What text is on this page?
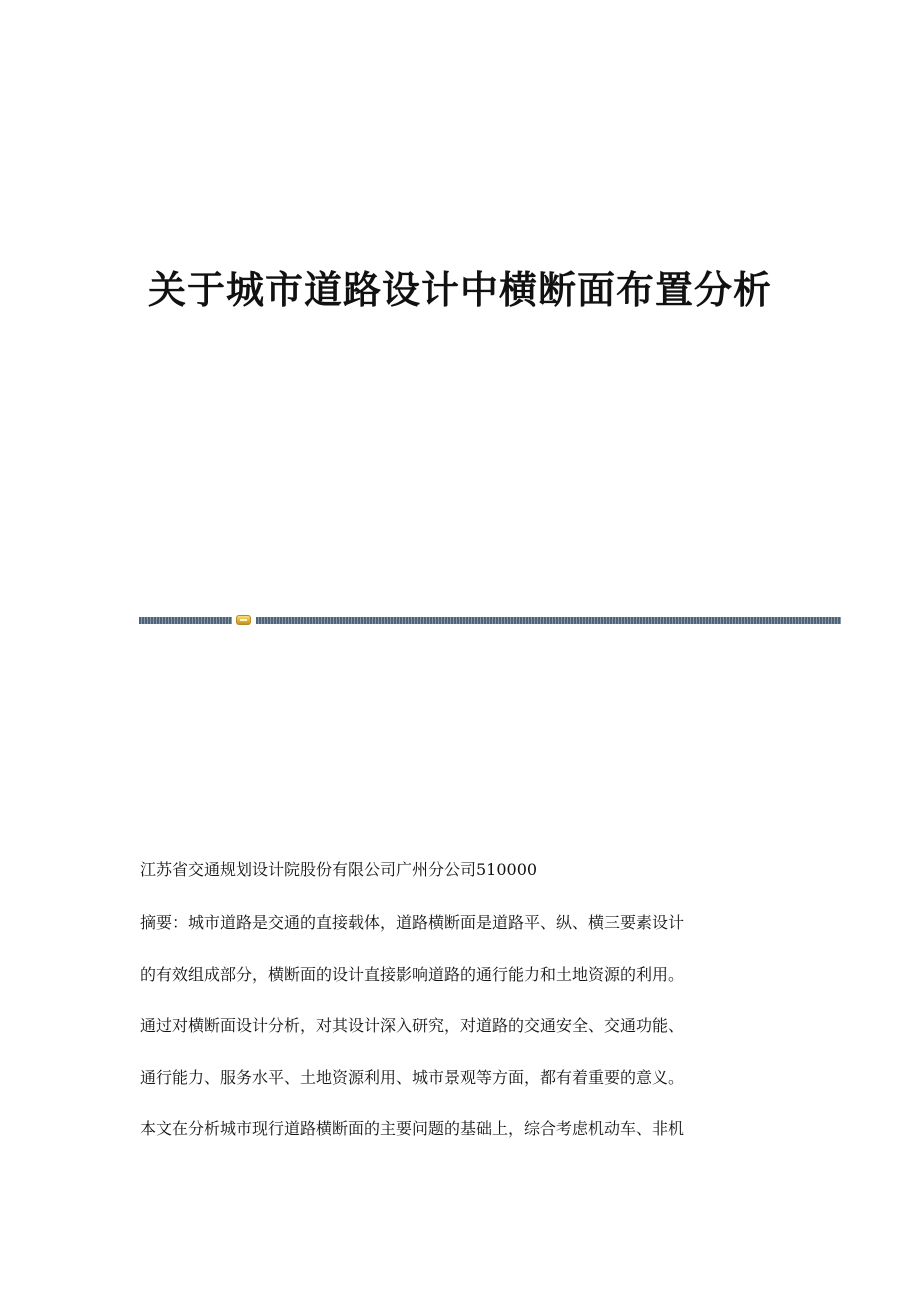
关于城市道路设计中横断面布置分析
江苏省交通规划设计院股份有限公司广州分公司510000
摘要：城市道路是交通的直接载体，道路横断面是道路平、纵、横三要素设计
的有效组成部分，横断面的设计直接影响道路的通行能力和土地资源的利用。
通过对横断面设计分析，对其设计深入研究，对道路的交通安全、交通功能、
通行能力、服务水平、土地资源利用、城市景观等方面，都有着重要的意义。
本文在分析城市现行道路横断面的主要问题的基础上，综合考虑机动车、非机
